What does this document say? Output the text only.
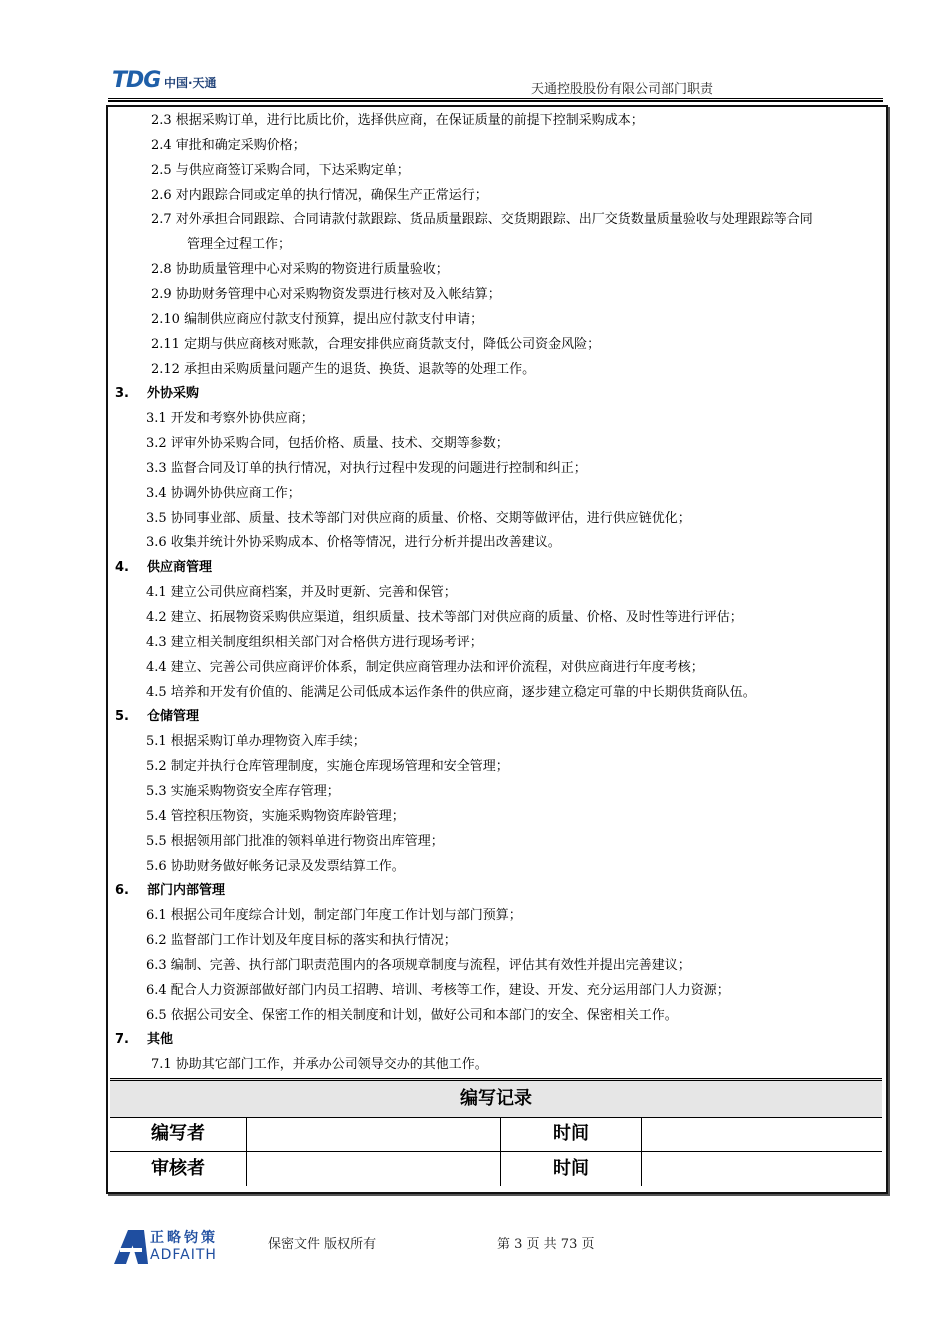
TDG 中国·天通	天通控股股份有限公司部门职责
2.3 根据采购订单，进行比质比价，选择供应商，在保证质量的前提下控制采购成本；
2.4 审批和确定采购价格；
2.5 与供应商签订采购合同，下达采购定单；
2.6 对内跟踪合同或定单的执行情况，确保生产正常运行；
2.7 对外承担合同跟踪、合同请款付款跟踪、货品质量跟踪、交货期跟踪、出厂交货数量质量验收与处理跟踪等合同
管理全过程工作；
2.8 协助质量管理中心对采购的物资进行质量验收；
2.9 协助财务管理中心对采购物资发票进行核对及入帐结算；
2.10 编制供应商应付款支付预算，提出应付款支付申请；
2.11 定期与供应商核对账款，合理安排供应商货款支付，降低公司资金风险；
2.12 承担由采购质量问题产生的退货、换货、退款等的处理工作。
3. 外协采购
3.1 开发和考察外协供应商；
3.2 评审外协采购合同，包括价格、质量、技术、交期等参数；
3.3 监督合同及订单的执行情况，对执行过程中发现的问题进行控制和纠正；
3.4 协调外协供应商工作；
3.5 协同事业部、质量、技术等部门对供应商的质量、价格、交期等做评估，进行供应链优化；
3.6 收集并统计外协采购成本、价格等情况，进行分析并提出改善建议。
4. 供应商管理
4.1 建立公司供应商档案，并及时更新、完善和保管；
4.2 建立、拓展物资采购供应渠道，组织质量、技术等部门对供应商的质量、价格、及时性等进行评估；
4.3 建立相关制度组织相关部门对合格供方进行现场考评；
4.4 建立、完善公司供应商评价体系，制定供应商管理办法和评价流程，对供应商进行年度考核；
4.5 培养和开发有价值的、能满足公司低成本运作条件的供应商，逐步建立稳定可靠的中长期供货商队伍。
5. 仓储管理
5.1 根据采购订单办理物资入库手续；
5.2 制定并执行仓库管理制度，实施仓库现场管理和安全管理；
5.3 实施采购物资安全库存管理；
5.4 管控积压物资，实施采购物资库龄管理；
5.5 根据领用部门批准的领料单进行物资出库管理；
5.6 协助财务做好帐务记录及发票结算工作。
6. 部门内部管理
6.1 根据公司年度综合计划，制定部门年度工作计划与部门预算；
6.2 监督部门工作计划及年度目标的落实和执行情况；
6.3 编制、完善、执行部门职责范围内的各项规章制度与流程，评估其有效性并提出完善建议；
6.4 配合人力资源部做好部门内员工招聘、培训、考核等工作，建设、开发、充分运用部门人力资源；
6.5 依据公司安全、保密工作的相关制度和计划，做好公司和本部门的安全、保密相关工作。
7. 其他
7.1 协助其它部门工作，并承办公司领导交办的其他工作。
编写记录
编写者	时间
审核者	时间
正略钧策
ADFAITH
保密文件 版权所有	第 3 页 共 73 页
